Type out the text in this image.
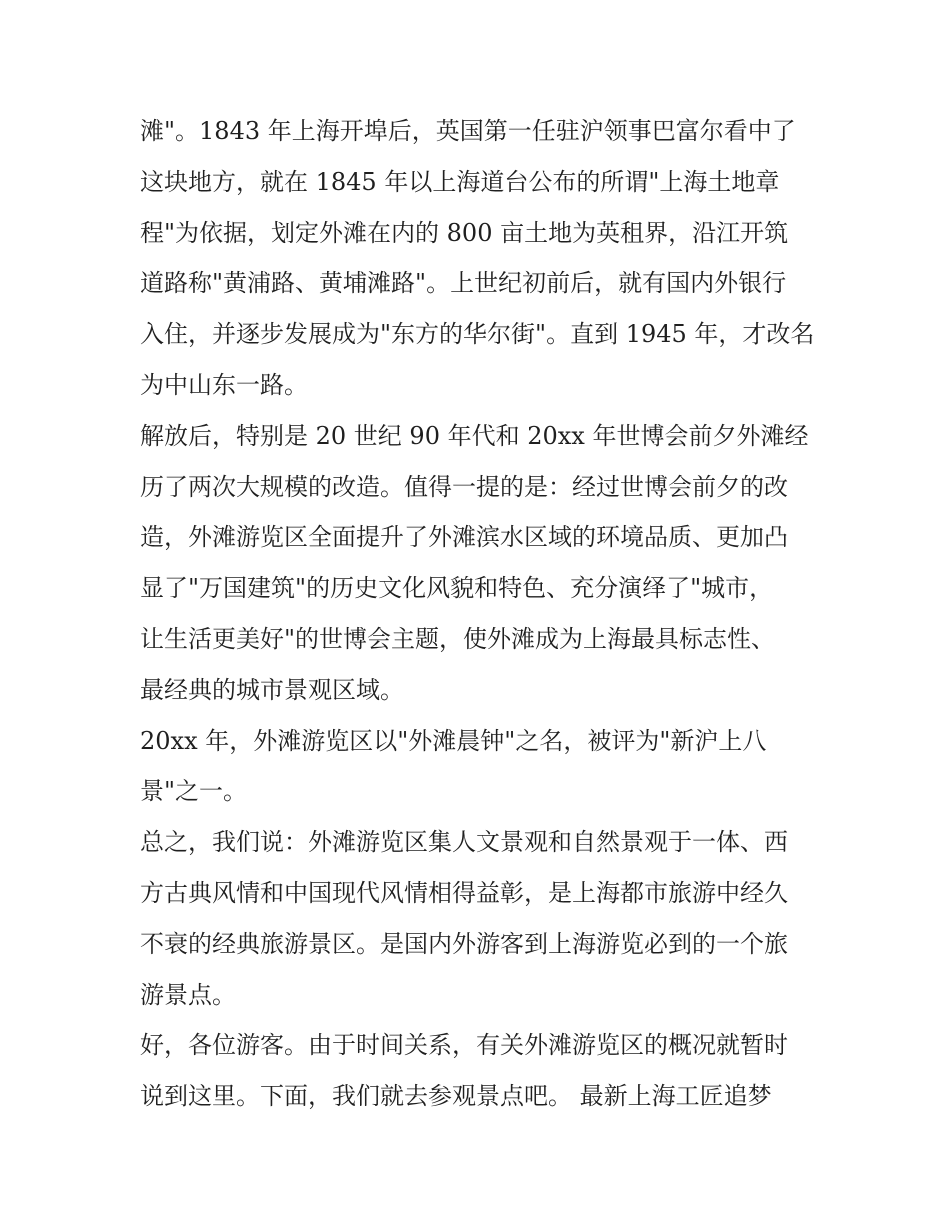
滩"。1843 年上海开埠后，英国第一任驻沪领事巴富尔看中了
这块地方，就在 1845 年以上海道台公布的所谓"上海土地章
程"为依据，划定外滩在内的 800 亩土地为英租界，沿江开筑
道路称"黄浦路、黄埔滩路"。上世纪初前后，就有国内外银行
入住，并逐步发展成为"东方的华尔街"。直到 1945 年，才改名
为中山东一路。
解放后，特别是 20 世纪 90 年代和 20xx 年世博会前夕外滩经
历了两次大规模的改造。值得一提的是：经过世博会前夕的改
造，外滩游览区全面提升了外滩滨水区域的环境品质、更加凸
显了"万国建筑"的历史文化风貌和特色、充分演绎了"城市，
让生活更美好"的世博会主题，使外滩成为上海最具标志性、
最经典的城市景观区域。
20xx 年，外滩游览区以"外滩晨钟"之名，被评为"新沪上八
景"之一。
总之，我们说：外滩游览区集人文景观和自然景观于一体、西
方古典风情和中国现代风情相得益彰，是上海都市旅游中经久
不衰的经典旅游景区。是国内外游客到上海游览必到的一个旅
游景点。
好，各位游客。由于时间关系，有关外滩游览区的概况就暂时
说到这里。下面，我们就去参观景点吧。 最新上海工匠追梦
